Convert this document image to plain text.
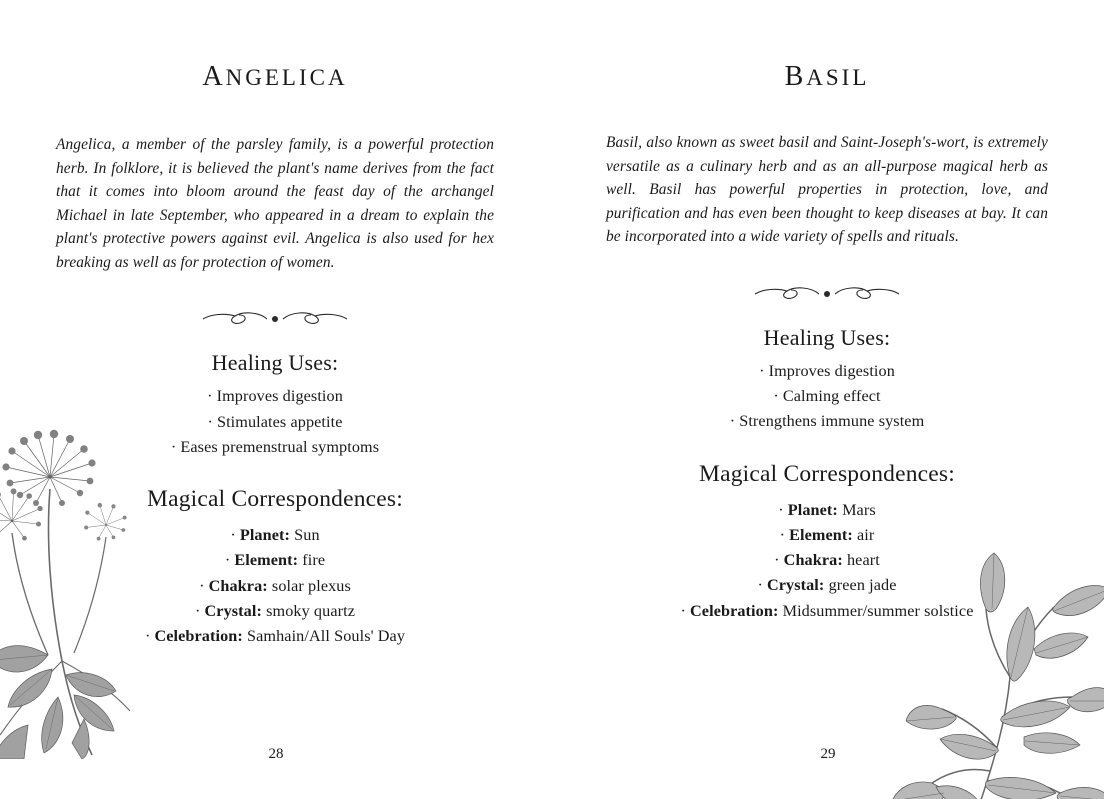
angelica

Angelica, a member of the parsley family, is a powerful protection herb. In folklore, it is believed the plant's name derives from the fact that it comes into bloom around the feast day of the archangel Michael in late September, who appeared in a dream to explain the plant's protective powers against evil. Angelica is also used for hex breaking as well as for protection of women.

Healing Uses:
· Improves digestion
· Stimulates appetite
· Eases premenstrual symptoms
Magical Correspondences:
· Planet: Sun
· Element: fire
· Chakra: solar plexus
· Crystal: smoky quartz
· Celebration: Samhain/All Souls' Day
28
basil

Basil, also known as sweet basil and Saint-Joseph's-wort, is extremely versatile as a culinary herb and as an all-purpose magical herb as well. Basil has powerful properties in protection, love, and purification and has even been thought to keep diseases at bay. It can be incorporated into a wide variety of spells and rituals.

Healing Uses:
· Improves digestion
· Calming effect
· Strengthens immune system
Magical Correspondences:
· Planet: Mars
· Element: air
· Chakra: heart
· Crystal: green jade
· Celebration: Midsummer/summer solstice
29
